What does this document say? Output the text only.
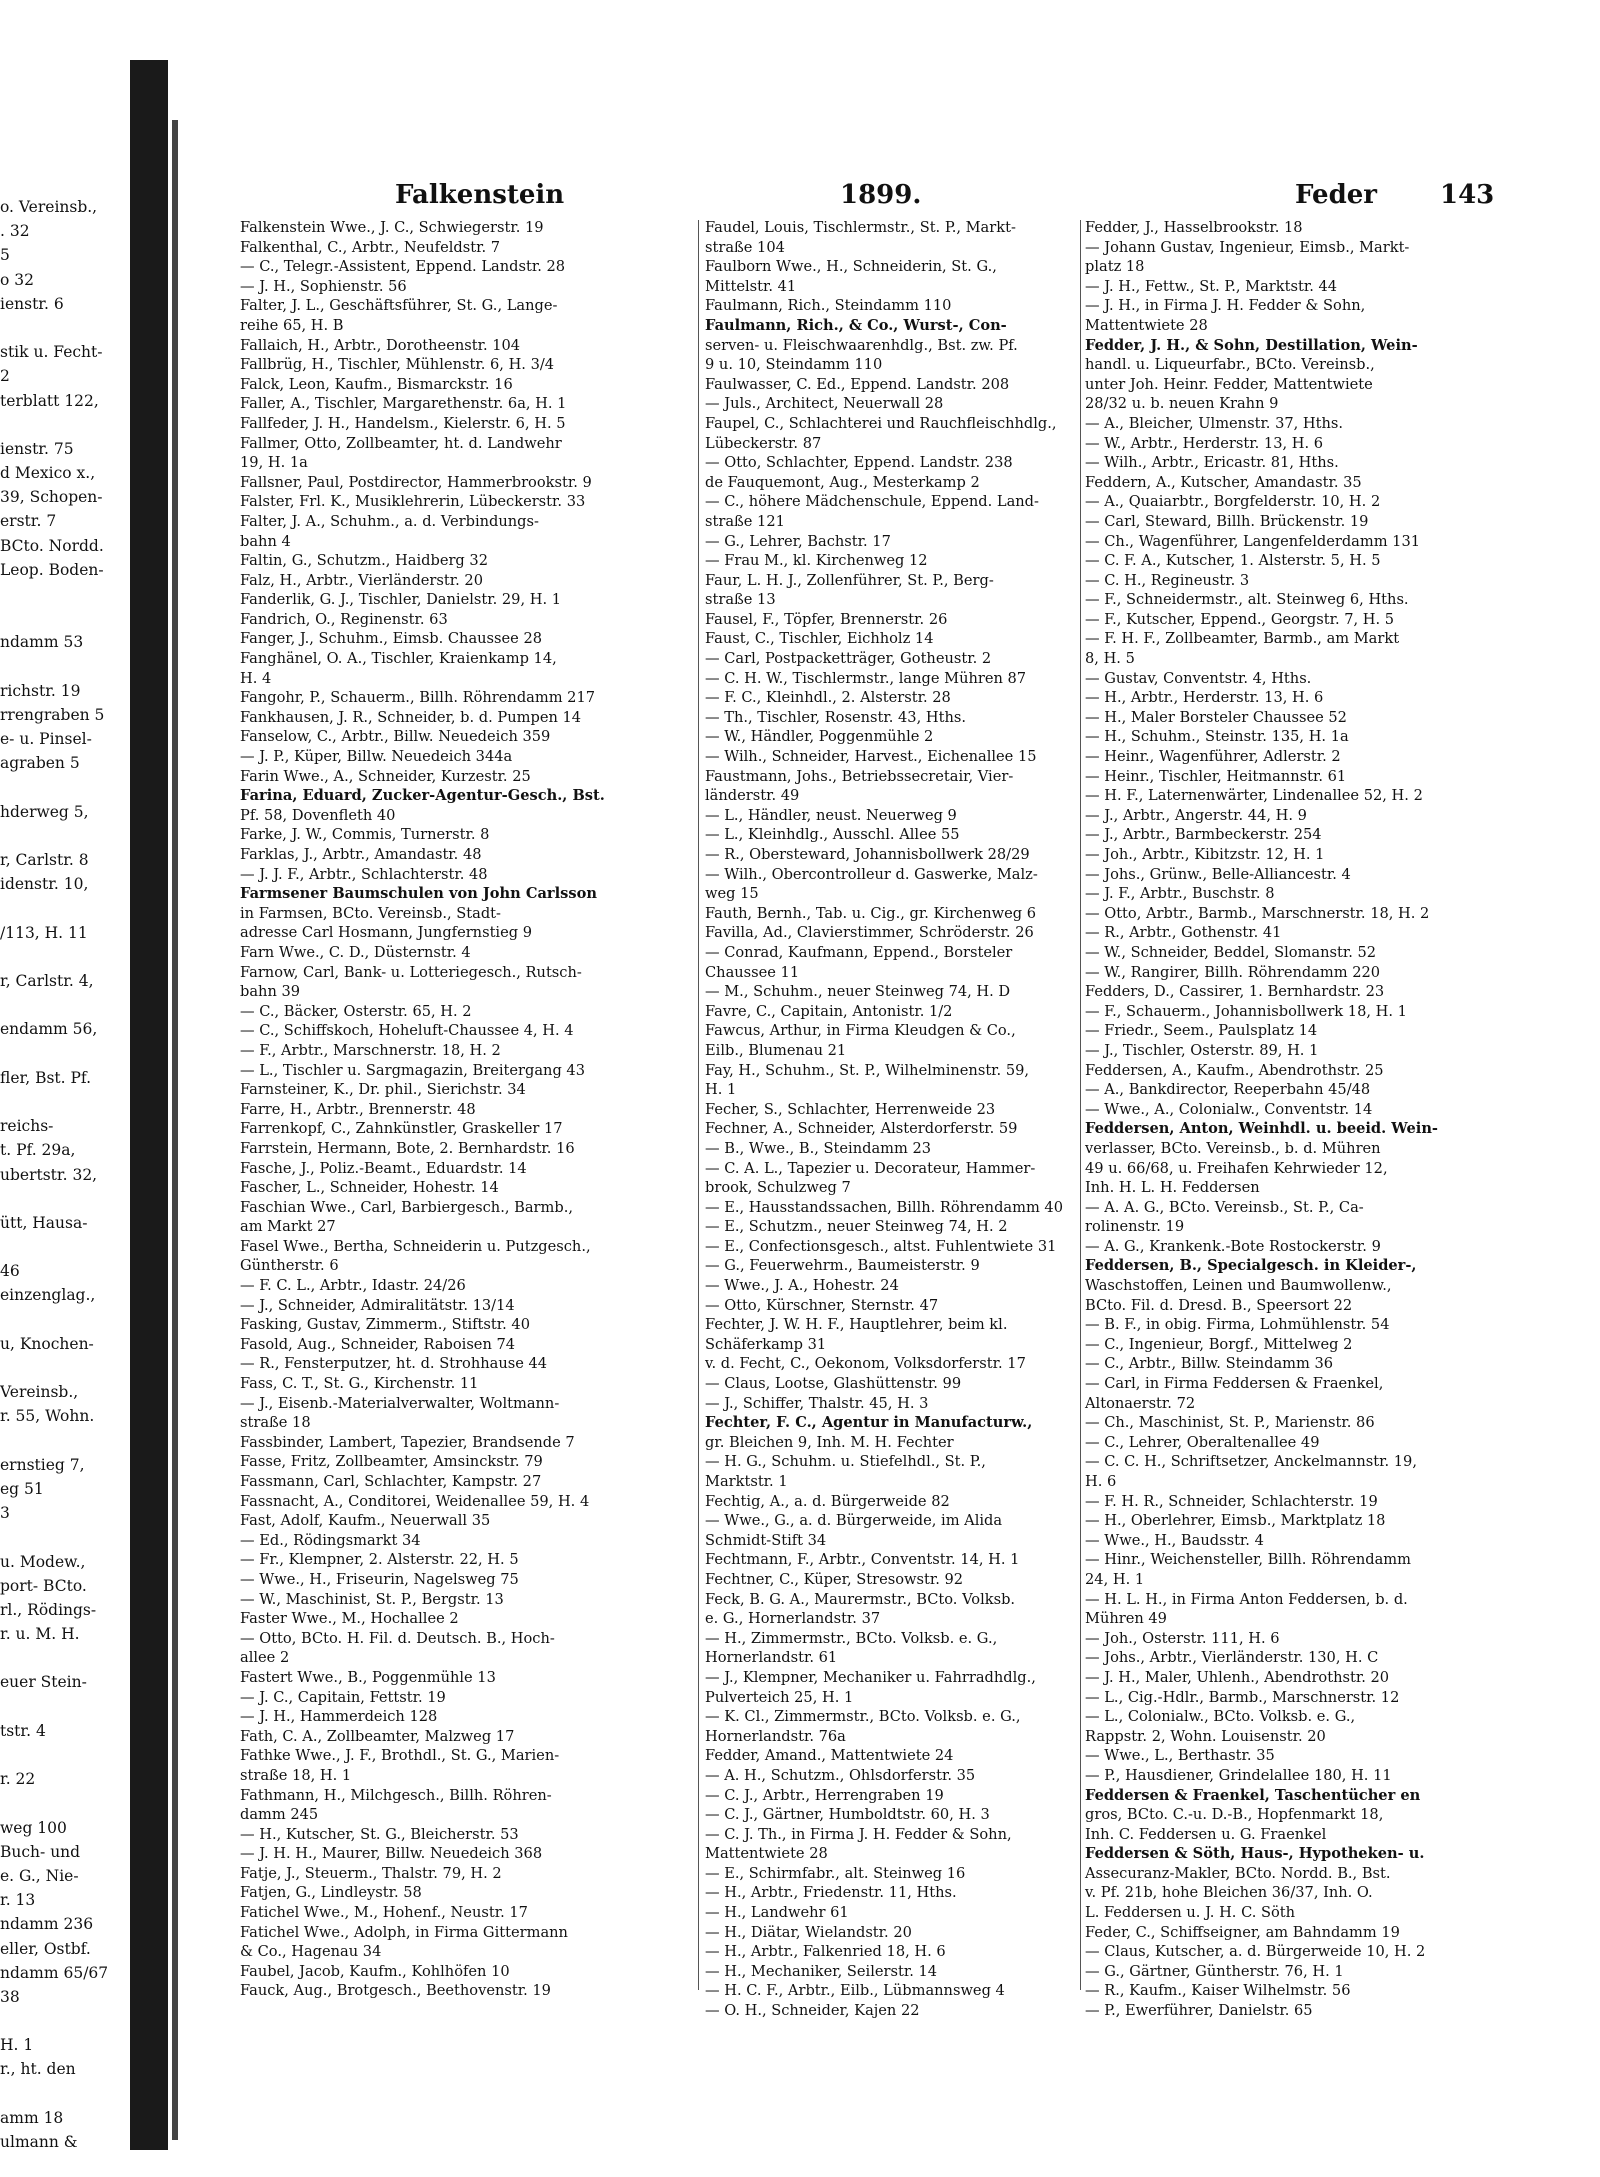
o. Vereinsb.,
. 32
5
o 32
ienstr. 6
stik u. Fecht-
2
terblatt 122,
ienstr. 75
d Mexico x.,
39, Schopen-
erstr. 7
BCto. Nordd.
Leop. Boden-
ndamm 53
richstr. 19
rrengraben 5
e- u. Pinsel-
agraben 5
hderweg 5,
r, Carlstr. 8
idenstr. 10,
/113, H. 11
r, Carlstr. 4,
endamm 56,
fler, Bst. Pf.
reichs-
t. Pf. 29a,
ubertstr. 32,
ütt, Hausa-
46
einzenglag.,
u, Knochen-
Vereinsb.,
r. 55, Wohn.
ernstieg 7,
eg 51
3
u. Modew.,
port- BCto.
rl., Rödings-
r. u. M. H.
euer Stein-
tstr. 4
r. 22
weg 100
Buch- und
e. G., Nie-
r. 13
ndamm 236
eller, Ostbf.
ndamm 65/67
38
H. 1
r., ht. den
amm 18
ulmann &
Falkenstein	1899.	Feder 143
Falkenstein Wwe., J. C., Schwiegerstr. 19
Falkenthal, C., Arbtr., Neufeldstr. 7
— C., Telegr.-Assistent, Eppend. Landstr. 28
— J. H., Sophienstr. 56
Falter, J. L., Geschäftsführer, St. G., Lange-
reihe 65, H. B
Fallaich, H., Arbtr., Dorotheenstr. 104
Fallbrüg, H., Tischler, Mühlenstr. 6, H. 3/4
Falck, Leon, Kaufm., Bismarckstr. 16
Faller, A., Tischler, Margarethenstr. 6a, H. 1
Fallfeder, J. H., Handelsm., Kielerstr. 6, H. 5
Fallmer, Otto, Zollbeamter, ht. d. Landwehr
19, H. 1a
Fallsner, Paul, Postdirector, Hammerbrookstr. 9
Falster, Frl. K., Musiklehrerin, Lübeckerstr. 33
Falter, J. A., Schuhm., a. d. Verbindungs-
bahn 4
Faltin, G., Schutzm., Haidberg 32
Falz, H., Arbtr., Vierländerstr. 20
Fanderlik, G. J., Tischler, Danielstr. 29, H. 1
Fandrich, O., Reginenstr. 63
Fanger, J., Schuhm., Eimsb. Chaussee 28
Fanghänel, O. A., Tischler, Kraienkamp 14,
H. 4
Fangohr, P., Schauerm., Billh. Röhrendamm 217
Fankhausen, J. R., Schneider, b. d. Pumpen 14
Fanselow, C., Arbtr., Billw. Neuedeich 359
— J. P., Küper, Billw. Neuedeich 344a
Farin Wwe., A., Schneider, Kurzestr. 25
Farina, Eduard, Zucker-Agentur-Gesch., Bst.
Pf. 58, Dovenfleth 40
Farke, J. W., Commis, Turnerstr. 8
Farklas, J., Arbtr., Amandastr. 48
— J. J. F., Arbtr., Schlachterstr. 48
Farmsener Baumschulen von John Carlsson
in Farmsen, BCto. Vereinsb., Stadt-
adresse Carl Hosmann, Jungfernstieg 9
Farn Wwe., C. D., Düsternstr. 4
Farnow, Carl, Bank- u. Lotteriegesch., Rutsch-
bahn 39
— C., Bäcker, Osterstr. 65, H. 2
— C., Schiffskoch, Hoheluft-Chaussee 4, H. 4
— F., Arbtr., Marschnerstr. 18, H. 2
— L., Tischler u. Sargmagazin, Breitergang 43
Farnsteiner, K., Dr. phil., Sierichstr. 34
Farre, H., Arbtr., Brennerstr. 48
Farrenkopf, C., Zahnkünstler, Graskeller 17
Farrstein, Hermann, Bote, 2. Bernhardstr. 16
Fasche, J., Poliz.-Beamt., Eduardstr. 14
Fascher, L., Schneider, Hohestr. 14
Faschian Wwe., Carl, Barbiergesch., Barmb.,
am Markt 27
Fasel Wwe., Bertha, Schneiderin u. Putzgesch.,
Güntherstr. 6
— F. C. L., Arbtr., Idastr. 24/26
— J., Schneider, Admiralitätstr. 13/14
Fasking, Gustav, Zimmerm., Stiftstr. 40
Fasold, Aug., Schneider, Raboisen 74
— R., Fensterputzer, ht. d. Strohhause 44
Fass, C. T., St. G., Kirchenstr. 11
— J., Eisenb.-Materialverwalter, Woltmann-
straße 18
Fassbinder, Lambert, Tapezier, Brandsende 7
Fasse, Fritz, Zollbeamter, Amsinckstr. 79
Fassmann, Carl, Schlachter, Kampstr. 27
Fassnacht, A., Conditorei, Weidenallee 59, H. 4
Fast, Adolf, Kaufm., Neuerwall 35
— Ed., Rödingsmarkt 34
— Fr., Klempner, 2. Alsterstr. 22, H. 5
— Wwe., H., Friseurin, Nagelsweg 75
— W., Maschinist, St. P., Bergstr. 13
Faster Wwe., M., Hochallee 2
— Otto, BCto. H. Fil. d. Deutsch. B., Hoch-
allee 2
Fastert Wwe., B., Poggenmühle 13
— J. C., Capitain, Fettstr. 19
— J. H., Hammerdeich 128
Fath, C. A., Zollbeamter, Malzweg 17
Fathke Wwe., J. F., Brothdl., St. G., Marien-
straße 18, H. 1
Fathmann, H., Milchgesch., Billh. Röhren-
damm 245
— H., Kutscher, St. G., Bleicherstr. 53
— J. H. H., Maurer, Billw. Neuedeich 368
Fatje, J., Steuerm., Thalstr. 79, H. 2
Fatjen, G., Lindleystr. 58
Fatichel Wwe., M., Hohenf., Neustr. 17
Fatichel Wwe., Adolph, in Firma Gittermann
& Co., Hagenau 34
Faubel, Jacob, Kaufm., Kohlhöfen 10
Fauck, Aug., Brotgesch., Beethovenstr. 19
Faudel, Louis, Tischlermstr., St. P., Markt-
straße 104
Faulborn Wwe., H., Schneiderin, St. G.,
Mittelstr. 41
Faulmann, Rich., Steindamm 110
Faulmann, Rich., & Co., Wurst-, Con-
serven- u. Fleischwaarenhdlg., Bst. zw. Pf.
9 u. 10, Steindamm 110
Faulwasser, C. Ed., Eppend. Landstr. 208
— Juls., Architect, Neuerwall 28
Faupel, C., Schlachterei und Rauchfleischhdlg.,
Lübeckerstr. 87
— Otto, Schlachter, Eppend. Landstr. 238
de Fauquemont, Aug., Mesterkamp 2
— C., höhere Mädchenschule, Eppend. Land-
straße 121
— G., Lehrer, Bachstr. 17
— Frau M., kl. Kirchenweg 12
Faur, L. H. J., Zollenführer, St. P., Berg-
straße 13
Fausel, F., Töpfer, Brennerstr. 26
Faust, C., Tischler, Eichholz 14
— Carl, Postpacketträger, Gotheustr. 2
— C. H. W., Tischlermstr., lange Mühren 87
— F. C., Kleinhdl., 2. Alsterstr. 28
— Th., Tischler, Rosenstr. 43, Hths.
— W., Händler, Poggenmühle 2
— Wilh., Schneider, Harvest., Eichenallee 15
Faustmann, Johs., Betriebssecretair, Vier-
länderstr. 49
— L., Händler, neust. Neuerweg 9
— L., Kleinhdlg., Ausschl. Allee 55
— R., Obersteward, Johannisbollwerk 28/29
— Wilh., Obercontrolleur d. Gaswerke, Malz-
weg 15
Fauth, Bernh., Tab. u. Cig., gr. Kirchenweg 6
Favilla, Ad., Clavierstimmer, Schröderstr. 26
— Conrad, Kaufmann, Eppend., Borsteler
Chaussee 11
— M., Schuhm., neuer Steinweg 74, H. D
Favre, C., Capitain, Antonistr. 1/2
Fawcus, Arthur, in Firma Kleudgen & Co.,
Eilb., Blumenau 21
Fay, H., Schuhm., St. P., Wilhelminenstr. 59,
H. 1
Fecher, S., Schlachter, Herrenweide 23
Fechner, A., Schneider, Alsterdorferstr. 59
— B., Wwe., B., Steindamm 23
— C. A. L., Tapezier u. Decorateur, Hammer-
brook, Schulzweg 7
— E., Hausstandssachen, Billh. Röhrendamm 40
— E., Schutzm., neuer Steinweg 74, H. 2
— E., Confectionsgesch., altst. Fuhlentwiete 31
— G., Feuerwehrm., Baumeisterstr. 9
— Wwe., J. A., Hohestr. 24
— Otto, Kürschner, Sternstr. 47
Fechter, J. W. H. F., Hauptlehrer, beim kl.
Schäferkamp 31
v. d. Fecht, C., Oekonom, Volksdorferstr. 17
— Claus, Lootse, Glashüttenstr. 99
— J., Schiffer, Thalstr. 45, H. 3
Fechter, F. C., Agentur in Manufacturw.,
gr. Bleichen 9, Inh. M. H. Fechter
— H. G., Schuhm. u. Stiefelhdl., St. P.,
Marktstr. 1
Fechtig, A., a. d. Bürgerweide 82
— Wwe., G., a. d. Bürgerweide, im Alida
Schmidt-Stift 34
Fechtmann, F., Arbtr., Conventstr. 14, H. 1
Fechtner, C., Küper, Stresowstr. 92
Feck, B. G. A., Maurermstr., BCto. Volksb.
e. G., Hornerlandstr. 37
— H., Zimmermstr., BCto. Volksb. e. G.,
Hornerlandstr. 61
— J., Klempner, Mechaniker u. Fahrradhdlg.,
Pulverteich 25, H. 1
— K. Cl., Zimmermstr., BCto. Volksb. e. G.,
Hornerlandstr. 76a
Fedder, Amand., Mattentwiete 24
— A. H., Schutzm., Ohlsdorferstr. 35
— C. J., Arbtr., Herrengraben 19
— C. J., Gärtner, Humboldtstr. 60, H. 3
— C. J. Th., in Firma J. H. Fedder & Sohn,
Mattentwiete 28
— E., Schirmfabr., alt. Steinweg 16
— H., Arbtr., Friedenstr. 11, Hths.
— H., Landwehr 61
— H., Diätar, Wielandstr. 20
— H., Arbtr., Falkenried 18, H. 6
— H., Mechaniker, Seilerstr. 14
— H. C. F., Arbtr., Eilb., Lübmannsweg 4
— O. H., Schneider, Kajen 22
Fedder, J., Hasselbrookstr. 18
— Johann Gustav, Ingenieur, Eimsb., Markt-
platz 18
— J. H., Fettw., St. P., Marktstr. 44
— J. H., in Firma J. H. Fedder & Sohn,
Mattentwiete 28
Fedder, J. H., & Sohn, Destillation, Wein-
handl. u. Liqueurfabr., BCto. Vereinsb.,
unter Joh. Heinr. Fedder, Mattentwiete
28/32 u. b. neuen Krahn 9
— A., Bleicher, Ulmenstr. 37, Hths.
— W., Arbtr., Herderstr. 13, H. 6
— Wilh., Arbtr., Ericastr. 81, Hths.
Feddern, A., Kutscher, Amandastr. 35
— A., Quaiarbtr., Borgfelderstr. 10, H. 2
— Carl, Steward, Billh. Brückenstr. 19
— Ch., Wagenführer, Langenfelderdamm 131
— C. F. A., Kutscher, 1. Alsterstr. 5, H. 5
— C. H., Regineustr. 3
— F., Schneidermstr., alt. Steinweg 6, Hths.
— F., Kutscher, Eppend., Georgstr. 7, H. 5
— F. H. F., Zollbeamter, Barmb., am Markt
8, H. 5
— Gustav, Conventstr. 4, Hths.
— H., Arbtr., Herderstr. 13, H. 6
— H., Maler Borsteler Chaussee 52
— H., Schuhm., Steinstr. 135, H. 1a
— Heinr., Wagenführer, Adlerstr. 2
— Heinr., Tischler, Heitmannstr. 61
— H. F., Laternenwärter, Lindenallee 52, H. 2
— J., Arbtr., Angerstr. 44, H. 9
— J., Arbtr., Barmbeckerstr. 254
— Joh., Arbtr., Kibitzstr. 12, H. 1
— Johs., Grünw., Belle-Alliancestr. 4
— J. F., Arbtr., Buschstr. 8
— Otto, Arbtr., Barmb., Marschnerstr. 18, H. 2
— R., Arbtr., Gothenstr. 41
— W., Schneider, Beddel, Slomanstr. 52
— W., Rangirer, Billh. Röhrendamm 220
Fedders, D., Cassirer, 1. Bernhardstr. 23
— F., Schauerm., Johannisbollwerk 18, H. 1
— Friedr., Seem., Paulsplatz 14
— J., Tischler, Osterstr. 89, H. 1
Feddersen, A., Kaufm., Abendrothstr. 25
— A., Bankdirector, Reeperbahn 45/48
— Wwe., A., Colonialw., Conventstr. 14
Feddersen, Anton, Weinhdl. u. beeid. Wein-
verlasser, BCto. Vereinsb., b. d. Mühren
49 u. 66/68, u. Freihafen Kehrwieder 12,
Inh. H. L. H. Feddersen
— A. A. G., BCto. Vereinsb., St. P., Ca-
rolinenstr. 19
— A. G., Krankenk.-Bote Rostockerstr. 9
Feddersen, B., Specialgesch. in Kleider-,
Waschstoffen, Leinen und Baumwollenw.,
BCto. Fil. d. Dresd. B., Speersort 22
— B. F., in obig. Firma, Lohmühlenstr. 54
— C., Ingenieur, Borgf., Mittelweg 2
— C., Arbtr., Billw. Steindamm 36
— Carl, in Firma Feddersen & Fraenkel,
Altonaerstr. 72
— Ch., Maschinist, St. P., Marienstr. 86
— C., Lehrer, Oberaltenallee 49
— C. C. H., Schriftsetzer, Anckelmannstr. 19,
H. 6
— F. H. R., Schneider, Schlachterstr. 19
— H., Oberlehrer, Eimsb., Marktplatz 18
— Wwe., H., Baudsstr. 4
— Hinr., Weichensteller, Billh. Röhrendamm
24, H. 1
— H. L. H., in Firma Anton Feddersen, b. d.
Mühren 49
— Joh., Osterstr. 111, H. 6
— Johs., Arbtr., Vierländerstr. 130, H. C
— J. H., Maler, Uhlenh., Abendrothstr. 20
— L., Cig.-Hdlr., Barmb., Marschnerstr. 12
— L., Colonialw., BCto. Volksb. e. G.,
Rappstr. 2, Wohn. Louisenstr. 20
— Wwe., L., Berthastr. 35
— P., Hausdiener, Grindelallee 180, H. 11
Feddersen & Fraenkel, Taschentücher en
gros, BCto. C.-u. D.-B., Hopfenmarkt 18,
Inh. C. Feddersen u. G. Fraenkel
Feddersen & Söth, Haus-, Hypotheken- u.
Assecuranz-Makler, BCto. Nordd. B., Bst.
v. Pf. 21b, hohe Bleichen 36/37, Inh. O.
L. Feddersen u. J. H. C. Söth
Feder, C., Schiffseigner, am Bahndamm 19
— Claus, Kutscher, a. d. Bürgerweide 10, H. 2
— G., Gärtner, Güntherstr. 76, H. 1
— R., Kaufm., Kaiser Wilhelmstr. 56
— P., Ewerführer, Danielstr. 65
